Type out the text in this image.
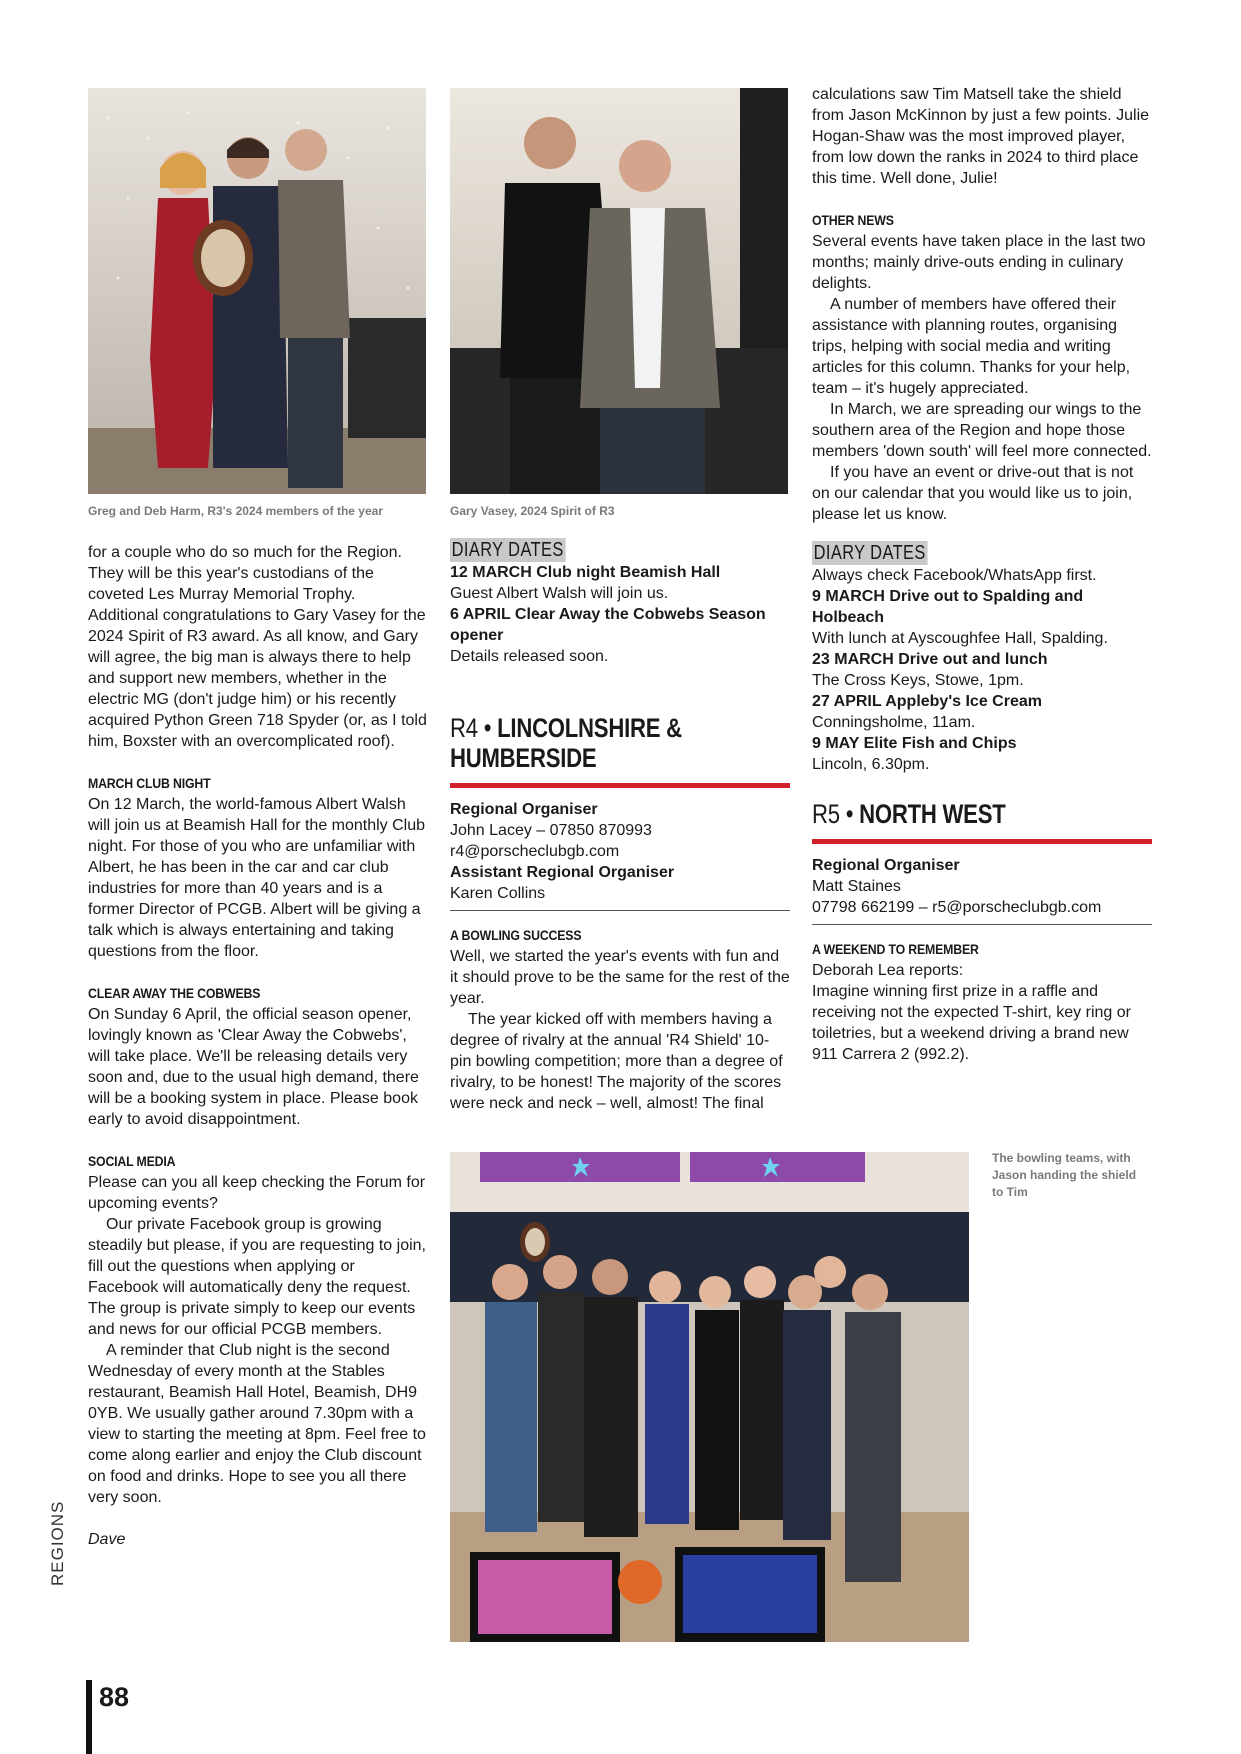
Greg and Deb Harm, R3's 2024 members of the year	Gary Vasey, 2024 Spirit of R3
The bowling teams, with Jason handing the shield to Tim

for a couple who do so much for the Region. They will be this year's custodians of the coveted Les Murray Memorial Trophy. Additional congratulations to Gary Vasey for the 2024 Spirit of R3 award. As all know, and Gary will agree, the big man is always there to help and support new members, whether in the electric MG (don't judge him) or his recently acquired Python Green 718 Spyder (or, as I told him, Boxster with an overcomplicated roof).

MARCH CLUB NIGHT

On 12 March, the world-famous Albert Walsh will join us at Beamish Hall for the monthly Club night. For those of you who are unfamiliar with Albert, he has been in the car and car club industries for more than 40 years and is a former Director of PCGB. Albert will be giving a talk which is always entertaining and taking questions from the floor.

CLEAR AWAY THE COBWEBS

On Sunday 6 April, the official season opener, lovingly known as 'Clear Away the Cobwebs', will take place. We'll be releasing details very soon and, due to the usual high demand, there will be a booking system in place. Please book early to avoid disappointment.

SOCIAL MEDIA

Please can you all keep checking the Forum for upcoming events?

Our private Facebook group is growing steadily but please, if you are requesting to join, fill out the questions when applying or Facebook will automatically deny the request. The group is private simply to keep our events and news for our official PCGB members.

A reminder that Club night is the second Wednesday of every month at the Stables restaurant, Beamish Hall Hotel, Beamish, DH9 0YB. We usually gather around 7.30pm with a view to starting the meeting at 8pm. Feel free to come along earlier and enjoy the Club discount on food and drinks. Hope to see you all there very soon.

Dave

DIARY DATES

12 MARCH Club night Beamish Hall

Guest Albert Walsh will join us.

6 APRIL Clear Away the Cobwebs Season opener

Details released soon.

R4 • LINCOLNSHIRE & HUMBERSIDE

Regional Organiser

John Lacey – 07850 870993

r4@porscheclubgb.com

Assistant Regional Organiser

Karen Collins

A BOWLING SUCCESS

Well, we started the year's events with fun and it should prove to be the same for the rest of the year.

The year kicked off with members having a degree of rivalry at the annual 'R4 Shield' 10-pin bowling competition; more than a degree of rivalry, to be honest! The majority of the scores were neck and neck – well, almost! The final

calculations saw Tim Matsell take the shield from Jason McKinnon by just a few points. Julie Hogan-Shaw was the most improved player, from low down the ranks in 2024 to third place this time. Well done, Julie!

OTHER NEWS

Several events have taken place in the last two months; mainly drive-outs ending in culinary delights.

A number of members have offered their assistance with planning routes, organising trips, helping with social media and writing articles for this column. Thanks for your help, team – it's hugely appreciated.

In March, we are spreading our wings to the southern area of the Region and hope those members 'down south' will feel more connected.

If you have an event or drive-out that is not on our calendar that you would like us to join, please let us know.

DIARY DATES

Always check Facebook/WhatsApp first.

9 MARCH Drive out to Spalding and Holbeach

With lunch at Ayscoughfee Hall, Spalding.

23 MARCH Drive out and lunch

The Cross Keys, Stowe, 1pm.

27 APRIL Appleby's Ice Cream

Conningsholme, 11am.

9 MAY Elite Fish and Chips

Lincoln, 6.30pm.

R5 • NORTH WEST

Regional Organiser

Matt Staines

07798 662199 – r5@porscheclubgb.com

A WEEKEND TO REMEMBER

Deborah Lea reports:

Imagine winning first prize in a raffle and receiving not the expected T-shirt, key ring or toiletries, but a weekend driving a brand new 911 Carrera 2 (992.2).

REGIONS
88
